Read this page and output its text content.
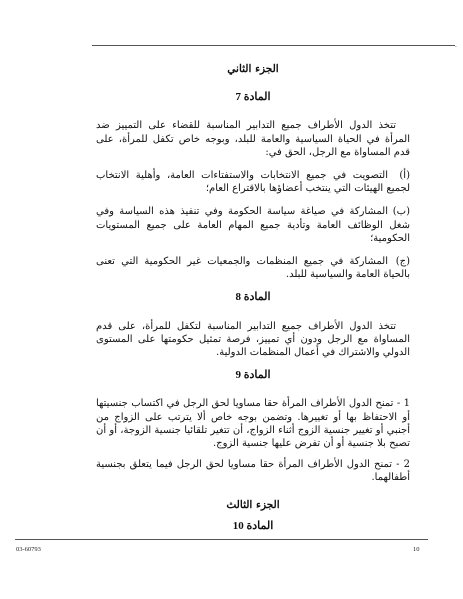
.
الجزء الثاني
المادة 7
تتخذ الدول الأطراف جميع التدابير المناسبة للقضاء على التمييز ضد المرأة في الحياة السياسية والعامة للبلد، وبوجه خاص تكفل للمرأة، على قدم المساواة مع الرجل، الحق في:
(أ)التصويت في جميع الانتخابات والاستفتاءات العامة، وأهلية الانتخاب لجميع الهيئات التي ينتخب أعضاؤها بالاقتراع العام؛
(ب)المشاركة في صياغة سياسة الحكومة وفي تنفيذ هذه السياسة وفي شغل الوظائف العامة وتأدية جميع المهام العامة على جميع المستويات الحكومية؛
(ج)المشاركة في جميع المنظمات والجمعيات غير الحكومية التي تعنى بالحياة العامة والسياسية للبلد.
المادة 8
تتخذ الدول الأطراف جميع التدابير المناسبة لتكفل للمرأة، على قدم المساواة مع الرجل ودون أي تمييز، فرصة تمثيل حكومتها على المستوى الدولي والاشتراك في أعمال المنظمات الدولية.
المادة 9
1 - تمنح الدول الأطراف المرأة حقا مساويا لحق الرجل في اكتساب جنسيتها أو الاحتفاظ بها أو تغييرها. وتضمن بوجه خاص ألا يترتب على الزواج من أجنبي أو تغيير جنسية الزوج أثناء الزواج، أن تتغير تلقائيا جنسية الزوجة، أو أن تصبح بلا جنسية أو أن تفرض عليها جنسية الزوج.
2 - تمنح الدول الأطراف المرأة حقا مساويا لحق الرجل فيما يتعلق بجنسية أطفالهما.
الجزء الثالث
المادة 10
03-60793	10
